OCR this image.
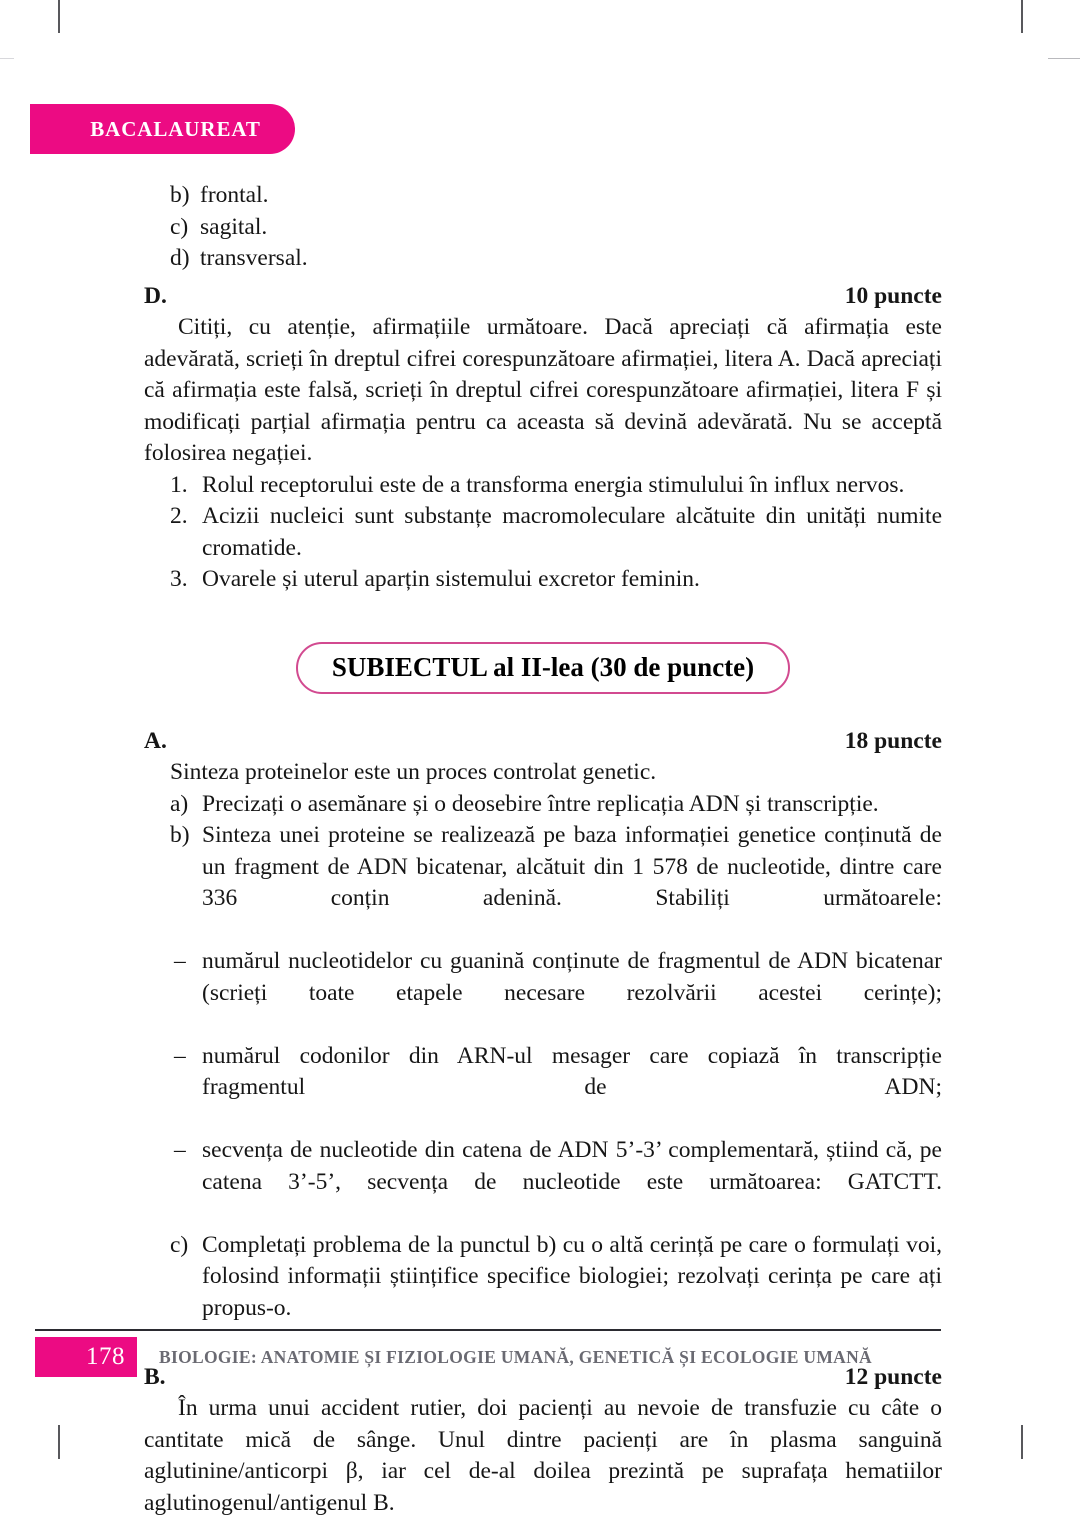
BACALAUREAT
b) frontal.
c) sagital.
d) transversal.
D.	10 puncte

Citiți, cu atenție, afirmațiile următoare. Dacă apreciați că afirmația este adevărată, scrieți în dreptul cifrei corespunzătoare afirmației, litera A. Dacă apreciați că afirmația este falsă, scrieți în dreptul cifrei corespunzătoare afirmației, litera F și modificați parțial afirmația pentru ca aceasta să devină adevărată. Nu se acceptă folosirea negației.

1. Rolul receptorului este de a transforma energia stimulului în influx nervos.
2. Acizii nucleici sunt substanțe macromoleculare alcătuite din unități numite cromatide.
3. Ovarele și uterul aparțin sistemului excretor feminin.
SUBIECTUL al II-lea (30 de puncte)
A.	18 puncte

Sinteza proteinelor este un proces controlat genetic.

a) Precizați o asemănare și o deosebire între replicația ADN și transcripție.
b) Sinteza unei proteine se realizează pe baza informației genetice conținută de un fragment de ADN bicatenar, alcătuit din 1 578 de nucleotide, dintre care 336 conțin adenină. Stabiliți următoarele:
– numărul nucleotidelor cu guanină conținute de fragmentul de ADN bicatenar (scrieți toate etapele necesare rezolvării acestei cerințe);
– numărul codonilor din ARN-ul mesager care copiază în transcripție fragmentul de ADN;
– secvența de nucleotide din catena de ADN 5’-3’ complementară, știind că, pe catena 3’-5’, secvența de nucleotide este următoarea: GATCTT.
c) Completați problema de la punctul b) cu o altă cerință pe care o formulați voi, folosind informații științifice specifice biologiei; rezolvați cerința pe care ați propus-o.
B.	12 puncte

În urma unui accident rutier, doi pacienți au nevoie de transfuzie cu câte o cantitate mică de sânge. Unul dintre pacienți are în plasma sanguină aglutinine/anticorpi β, iar cel de-al doilea prezintă pe suprafața hematiilor aglutinogenul/antigenul B.

178	BIOLOGIE: ANATOMIE ȘI FIZIOLOGIE UMANĂ, GENETICĂ ȘI ECOLOGIE UMANĂ
